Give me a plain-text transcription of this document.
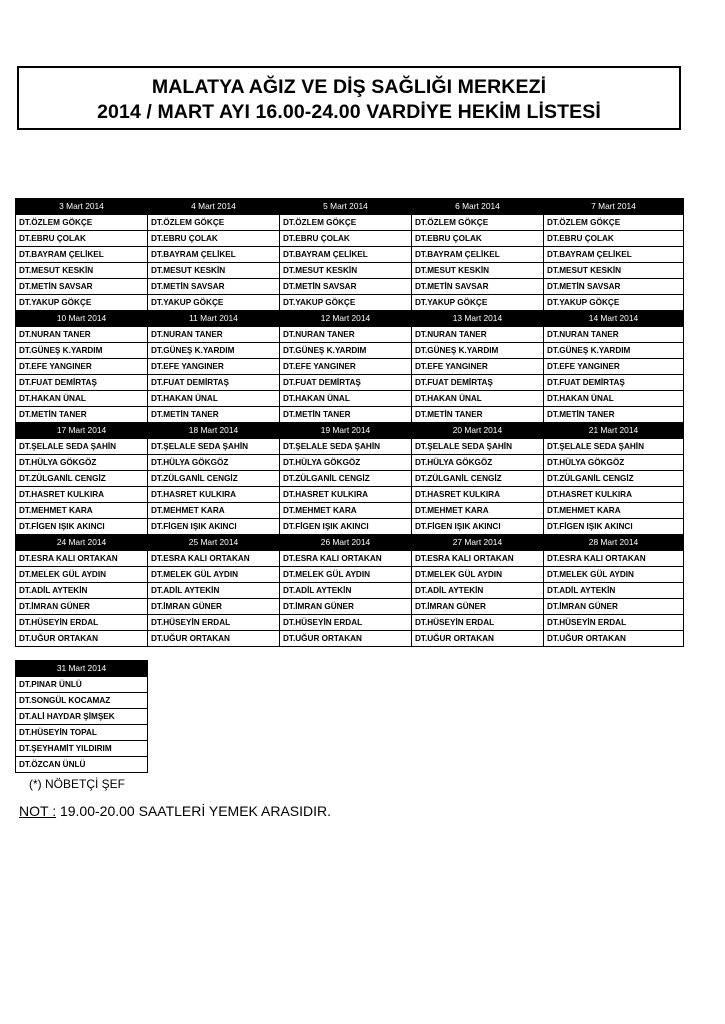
MALATYA AĞIZ VE DİŞ SAĞLIĞI MERKEZİ
2014 / MART AYI 16.00-24.00 VARDİYE HEKİM LİSTESİ
3 Mart 2014	4 Mart 2014	5 Mart 2014	6 Mart 2014	7 Mart 2014
DT.ÖZLEM GÖKÇE	DT.ÖZLEM GÖKÇE	DT.ÖZLEM GÖKÇE	DT.ÖZLEM GÖKÇE	DT.ÖZLEM GÖKÇE
DT.EBRU ÇOLAK	DT.EBRU ÇOLAK	DT.EBRU ÇOLAK	DT.EBRU ÇOLAK	DT.EBRU ÇOLAK
DT.BAYRAM ÇELİKEL	DT.BAYRAM ÇELİKEL	DT.BAYRAM ÇELİKEL	DT.BAYRAM ÇELİKEL	DT.BAYRAM ÇELİKEL
DT.MESUT KESKİN	DT.MESUT KESKİN	DT.MESUT KESKİN	DT.MESUT KESKİN	DT.MESUT KESKİN
DT.METİN SAVSAR	DT.METİN SAVSAR	DT.METİN SAVSAR	DT.METİN SAVSAR	DT.METİN SAVSAR
DT.YAKUP GÖKÇE	DT.YAKUP GÖKÇE	DT.YAKUP GÖKÇE	DT.YAKUP GÖKÇE	DT.YAKUP GÖKÇE
10 Mart 2014	11 Mart 2014	12 Mart 2014	13 Mart 2014	14 Mart 2014
DT.NURAN TANER	DT.NURAN TANER	DT.NURAN TANER	DT.NURAN TANER	DT.NURAN TANER
DT.GÜNEŞ K.YARDIM	DT.GÜNEŞ K.YARDIM	DT.GÜNEŞ K.YARDIM	DT.GÜNEŞ K.YARDIM	DT.GÜNEŞ K.YARDIM
DT.EFE YANGINER	DT.EFE YANGINER	DT.EFE YANGINER	DT.EFE YANGINER	DT.EFE YANGINER
DT.FUAT DEMİRTAŞ	DT.FUAT DEMİRTAŞ	DT.FUAT DEMİRTAŞ	DT.FUAT DEMİRTAŞ	DT.FUAT DEMİRTAŞ
DT.HAKAN ÜNAL	DT.HAKAN ÜNAL	DT.HAKAN ÜNAL	DT.HAKAN ÜNAL	DT.HAKAN ÜNAL
DT.METİN TANER	DT.METİN TANER	DT.METİN TANER	DT.METİN TANER	DT.METİN TANER
17 Mart 2014	18 Mart 2014	19 Mart 2014	20 Mart 2014	21 Mart 2014
DT.ŞELALE SEDA ŞAHİN	DT.ŞELALE SEDA ŞAHİN	DT.ŞELALE SEDA ŞAHİN	DT.ŞELALE SEDA ŞAHİN	DT.ŞELALE SEDA ŞAHİN
DT.HÜLYA GÖKGÖZ	DT.HÜLYA GÖKGÖZ	DT.HÜLYA GÖKGÖZ	DT.HÜLYA GÖKGÖZ	DT.HÜLYA GÖKGÖZ
DT.ZÜLGANİL CENGİZ	DT.ZÜLGANİL CENGİZ	DT.ZÜLGANİL CENGİZ	DT.ZÜLGANİL CENGİZ	DT.ZÜLGANİL CENGİZ
DT.HASRET KULKIRA	DT.HASRET KULKIRA	DT.HASRET KULKIRA	DT.HASRET KULKIRA	DT.HASRET KULKIRA
DT.MEHMET KARA	DT.MEHMET KARA	DT.MEHMET KARA	DT.MEHMET KARA	DT.MEHMET KARA
DT.FİGEN IŞIK AKINCI	DT.FİGEN IŞIK AKINCI	DT.FİGEN IŞIK AKINCI	DT.FİGEN IŞIK AKINCI	DT.FİGEN IŞIK AKINCI
24 Mart 2014	25 Mart 2014	26 Mart 2014	27 Mart 2014	28 Mart 2014
DT.ESRA KALI ORTAKAN	DT.ESRA KALI ORTAKAN	DT.ESRA KALI ORTAKAN	DT.ESRA KALI ORTAKAN	DT.ESRA KALI ORTAKAN
DT.MELEK GÜL AYDIN	DT.MELEK GÜL AYDIN	DT.MELEK GÜL AYDIN	DT.MELEK GÜL AYDIN	DT.MELEK GÜL AYDIN
DT.ADİL AYTEKİN	DT.ADİL AYTEKİN	DT.ADİL AYTEKİN	DT.ADİL AYTEKİN	DT.ADİL AYTEKİN
DT.İMRAN GÜNER	DT.İMRAN GÜNER	DT.İMRAN GÜNER	DT.İMRAN GÜNER	DT.İMRAN GÜNER
DT.HÜSEYİN ERDAL	DT.HÜSEYİN ERDAL	DT.HÜSEYİN ERDAL	DT.HÜSEYİN ERDAL	DT.HÜSEYİN ERDAL
DT.UĞUR ORTAKAN	DT.UĞUR ORTAKAN	DT.UĞUR ORTAKAN	DT.UĞUR ORTAKAN	DT.UĞUR ORTAKAN
31 Mart 2014
DT.PINAR ÜNLÜ
DT.SONGÜL KOCAMAZ
DT.ALİ HAYDAR ŞİMŞEK
DT.HÜSEYİN TOPAL
DT.ŞEYHAMİT YILDIRIM
DT.ÖZCAN ÜNLÜ
(*) NÖBETÇİ ŞEF
NOT : 19.00-20.00 SAATLERİ YEMEK ARASIDIR.
